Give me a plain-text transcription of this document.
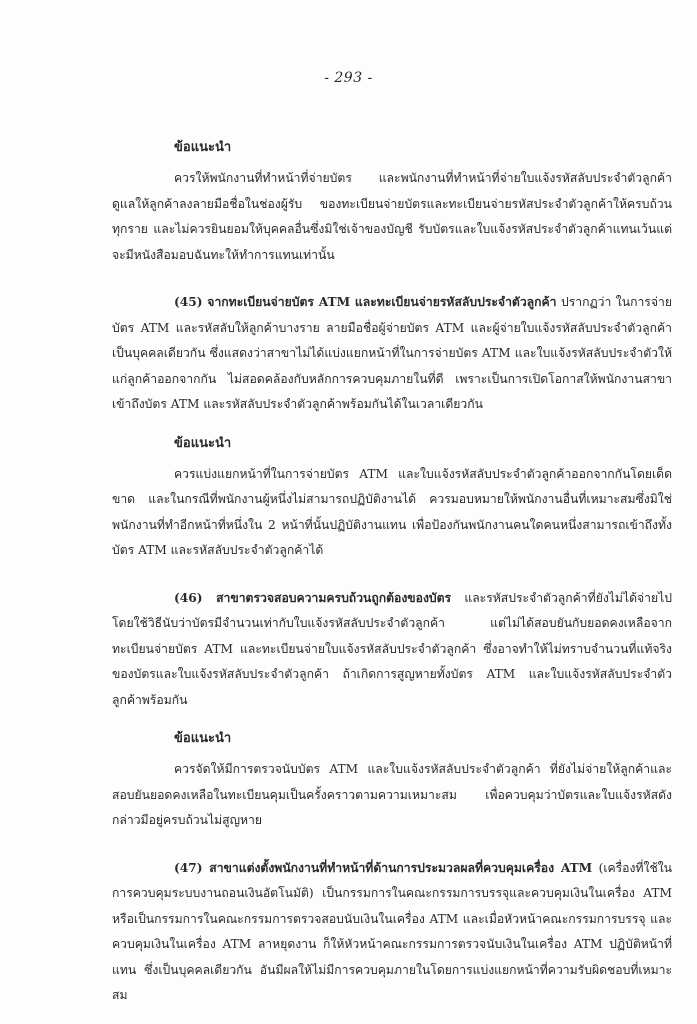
- 293 -
ข้อแนะนำ

ควรให้พนักงานที่ทำหน้าที่จ่ายบัตร และพนักงานที่ทำหน้าที่จ่ายใบแจ้งรหัสลับประจำตัวลูกค้า ดูแลให้ลูกค้าลงลายมือชื่อในช่องผู้รับ ของทะเบียนจ่ายบัตรและทะเบียนจ่ายรหัสประจำตัวลูกค้าให้ครบถ้วนทุกราย และไม่ควรยินยอมให้บุคคลอื่นซึ่งมิใช่เจ้าของบัญชี รับบัตรและใบแจ้งรหัสประจำตัวลูกค้าแทนเว้นแต่จะมีหนังสือมอบฉันทะให้ทำการแทนเท่านั้น

(45) จากทะเบียนจ่ายบัตร ATM และทะเบียนจ่ายรหัสลับประจำตัวลูกค้า ปรากฏว่า ในการจ่ายบัตร ATM และรหัสลับให้ลูกค้าบางราย ลายมือชื่อผู้จ่ายบัตร ATM และผู้จ่ายใบแจ้งรหัสลับประจำตัวลูกค้า เป็นบุคคลเดียวกัน ซึ่งแสดงว่าสาขาไม่ได้แบ่งแยกหน้าที่ในการจ่ายบัตร ATM และใบแจ้งรหัสลับประจำตัวให้แก่ลูกค้าออกจากกัน ไม่สอดคล้องกับหลักการควบคุมภายในที่ดี เพราะเป็นการเปิดโอกาสให้พนักงานสาขาเข้าถึงบัตร ATM และรหัสลับประจำตัวลูกค้าพร้อมกันได้ในเวลาเดียวกัน

ข้อแนะนำ

ควรแบ่งแยกหน้าที่ในการจ่ายบัตร ATM และใบแจ้งรหัสลับประจำตัวลูกค้าออกจากกันโดยเด็ดขาด และในกรณีที่พนักงานผู้หนึ่งไม่สามารถปฏิบัติงานได้ ควรมอบหมายให้พนักงานอื่นที่เหมาะสมซึ่งมิใช่พนักงานที่ทำอีกหน้าที่หนึ่งใน 2 หน้าที่นั้นปฏิบัติงานแทน เพื่อป้องกันพนักงานคนใดคนหนึ่งสามารถเข้าถึงทั้งบัตร ATM และรหัสลับประจำตัวลูกค้าได้

(46) สาขาตรวจสอบความครบถ้วนถูกต้องของบัตร และรหัสประจำตัวลูกค้าที่ยังไม่ได้จ่ายไป โดยใช้วิธีนับว่าบัตรมีจำนวนเท่ากับใบแจ้งรหัสลับประจำตัวลูกค้า แต่ไม่ได้สอบยันกับยอดคงเหลือจากทะเบียนจ่ายบัตร ATM และทะเบียนจ่ายใบแจ้งรหัสลับประจำตัวลูกค้า ซึ่งอาจทำให้ไม่ทราบจำนวนที่แท้จริงของบัตรและใบแจ้งรหัสลับประจำตัวลูกค้า ถ้าเกิดการสูญหายทั้งบัตร ATM และใบแจ้งรหัสลับประจำตัวลูกค้าพร้อมกัน

ข้อแนะนำ

ควรจัดให้มีการตรวจนับบัตร ATM และใบแจ้งรหัสลับประจำตัวลูกค้า ที่ยังไม่จ่ายให้ลูกค้าและสอบยันยอดคงเหลือในทะเบียนคุมเป็นครั้งคราวตามความเหมาะสม เพื่อควบคุมว่าบัตรและใบแจ้งรหัสดังกล่าวมีอยู่ครบถ้วนไม่สูญหาย

(47) สาขาแต่งตั้งพนักงานที่ทำหน้าที่ด้านการประมวลผลที่ควบคุมเครื่อง ATM (เครื่องที่ใช้ในการควบคุมระบบงานถอนเงินอัตโนมัติ) เป็นกรรมการในคณะกรรมการบรรจุและควบคุมเงินในเครื่อง ATM หรือเป็นกรรมการในคณะกรรมการตรวจสอบนับเงินในเครื่อง ATM และเมื่อหัวหน้าคณะกรรมการบรรจุ และควบคุมเงินในเครื่อง ATM ลาหยุดงาน ก็ให้หัวหน้าคณะกรรมการตรวจนับเงินในเครื่อง ATM ปฏิบัติหน้าที่แทน ซึ่งเป็นบุคคลเดียวกัน อันมีผลให้ไม่มีการควบคุมภายในโดยการแบ่งแยกหน้าที่ความรับผิดชอบที่เหมาะสม
